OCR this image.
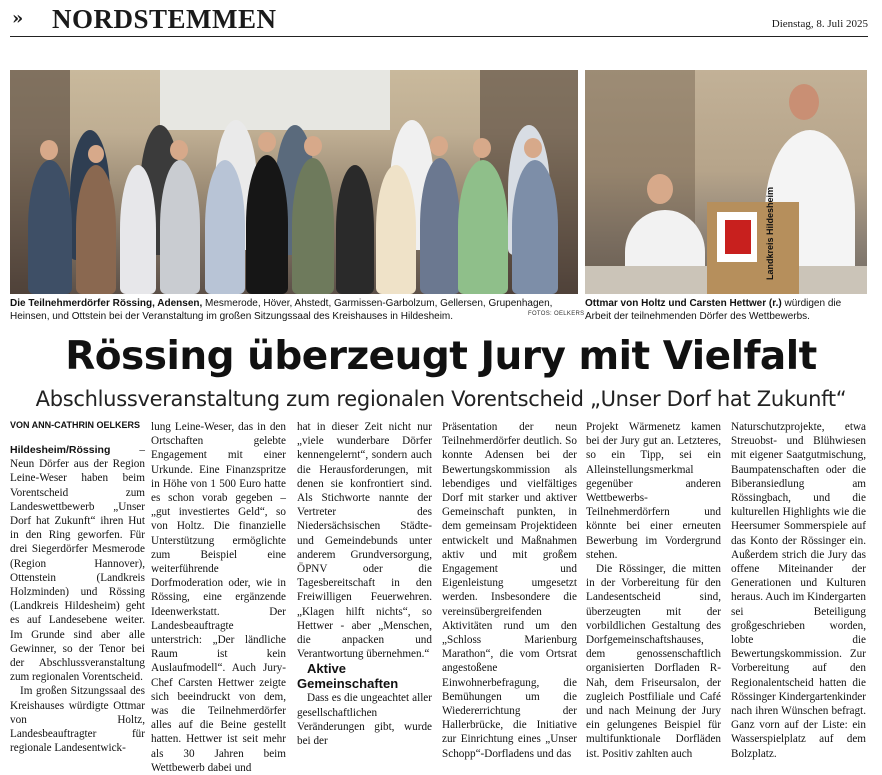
» NORDSTEMMEN	Dienstag, 8. Juli 2025
Landkreis Hildesheim
Die Teilnehmerdörfer Rössing, Adensen, Mesmerode, Höver, Ahstedt, Garmissen-Garbolzum, Gellersen, Grupenhagen, Heinsen, und Ottstein bei der Veranstaltung im großen Sitzungssaal des Kreishauses in Hildesheim.	FOTOS: OELKERS
Ottmar von Holtz und Carsten Hettwer (r.) würdigen die Arbeit der teilnehmenden Dörfer des Wettbewerbs.
Rössing überzeugt Jury mit Vielfalt
Abschlussveranstaltung zum regionalen Vorentscheid „Unser Dorf hat Zukunft“
VON ANN-CATHRIN OELKERS

Hildesheim/Rössing – Neun Dörfer aus der Region Leine-Weser haben beim Vorentscheid zum Landeswettbewerb „Unser Dorf hat Zukunft“ ihren Hut in den Ring geworfen. Für drei Siegerdörfer Mesmerode (Region Hannover), Ottenstein (Landkreis Holzminden) und Rössing (Landkreis Hildesheim) geht es auf Landesebene weiter. Im Grunde sind aber alle Gewinner, so der Tenor bei der Abschlussveranstaltung zum regionalen Vorentscheid.

Im großen Sitzungssaal des Kreishauses würdigte Ottmar von Holtz, Landesbeauftragter für regionale Landesentwick-

lung Leine-Weser, das in den Ortschaften gelebte Engagement mit einer Urkunde. Eine Finanzspritze in Höhe von 1 500 Euro hatte es schon vorab gegeben – „gut investiertes Geld“, so von Holtz. Die finanzielle Unterstützung ermöglichte zum Beispiel eine weiterführende Dorfmoderation oder, wie in Rössing, eine ergänzende Ideenwerkstatt. Der Landesbeauftragte unterstrich: „Der ländliche Raum ist kein Auslaufmodell“. Auch Jury-Chef Carsten Hettwer zeigte sich beeindruckt von dem, was die Teilnehmerdörfer alles auf die Beine gestellt hatten. Hettwer ist seit mehr als 30 Jahren beim Wettbewerb dabei und

hat in dieser Zeit nicht nur „viele wunderbare Dörfer kennengelernt“, sondern auch die Herausforderungen, mit denen sie konfrontiert sind. Als Stichworte nannte der Vertreter des Niedersächsischen Städte- und Gemeindebunds unter anderem Grundversorgung, ÖPNV oder die Tagesbereitschaft in den Freiwilligen Feuerwehren. „Klagen hilft nichts“, so Hettwer - aber „Menschen, die anpacken und Verantwortung übernehmen.“

Aktive Gemeinschaften

Dass es die ungeachtet aller gesellschaftlichen Veränderungen gibt, wurde bei der

Präsentation der neun Teilnehmerdörfer deutlich. So konnte Adensen bei der Bewertungskommission als lebendiges und vielfältiges Dorf mit starker und aktiver Gemeinschaft punkten, in dem gemeinsam Projektideen entwickelt und Maßnahmen aktiv und mit großem Engagement und Eigenleistung umgesetzt werden. Insbesondere die vereinsübergreifenden Aktivitäten rund um den „Schloss Marienburg Marathon“, die vom Ortsrat angestoßene Einwohnerbefragung, die Bemühungen um die Wiedererrichtung der Hallerbrücke, die Initiative zur Einrichtung eines „Unser Schopp“-Dorfladens und das

Projekt Wärmenetz kamen bei der Jury gut an. Letzteres, so ein Tipp, sei ein Alleinstellungsmerkmal gegenüber anderen Wettbewerbs-Teilnehmerdörfern und könnte bei einer erneuten Bewerbung im Vordergrund stehen.

Die Rössinger, die mitten in der Vorbereitung für den Landesentscheid sind, überzeugten mit der vorbildlichen Gestaltung des Dorfgemeinschaftshauses, dem genossenschaftlich organisierten Dorfladen R-Nah, dem Friseursalon, der zugleich Postfiliale und Café und nach Meinung der Jury ein gelungenes Beispiel für multifunktionale Dorfläden ist. Positiv zahlten auch

Naturschutzprojekte, etwa Streuobst- und Blühwiesen mit eigener Saatgutmischung, Baumpatenschaften oder die Biberansiedlung am Rössingbach, und die kulturellen Highlights wie die Heersumer Sommerspiele auf das Konto der Rössinger ein. Außerdem strich die Jury das offene Miteinander der Generationen und Kulturen heraus. Auch im Kindergarten sei Beteiligung großgeschrieben worden, lobte die Bewertungskommission. Zur Vorbereitung auf den Regionalentscheid hatten die Rössinger Kindergartenkinder nach ihren Wünschen befragt. Ganz vorn auf der Liste: ein Wasserspielplatz auf dem Bolzplatz.
